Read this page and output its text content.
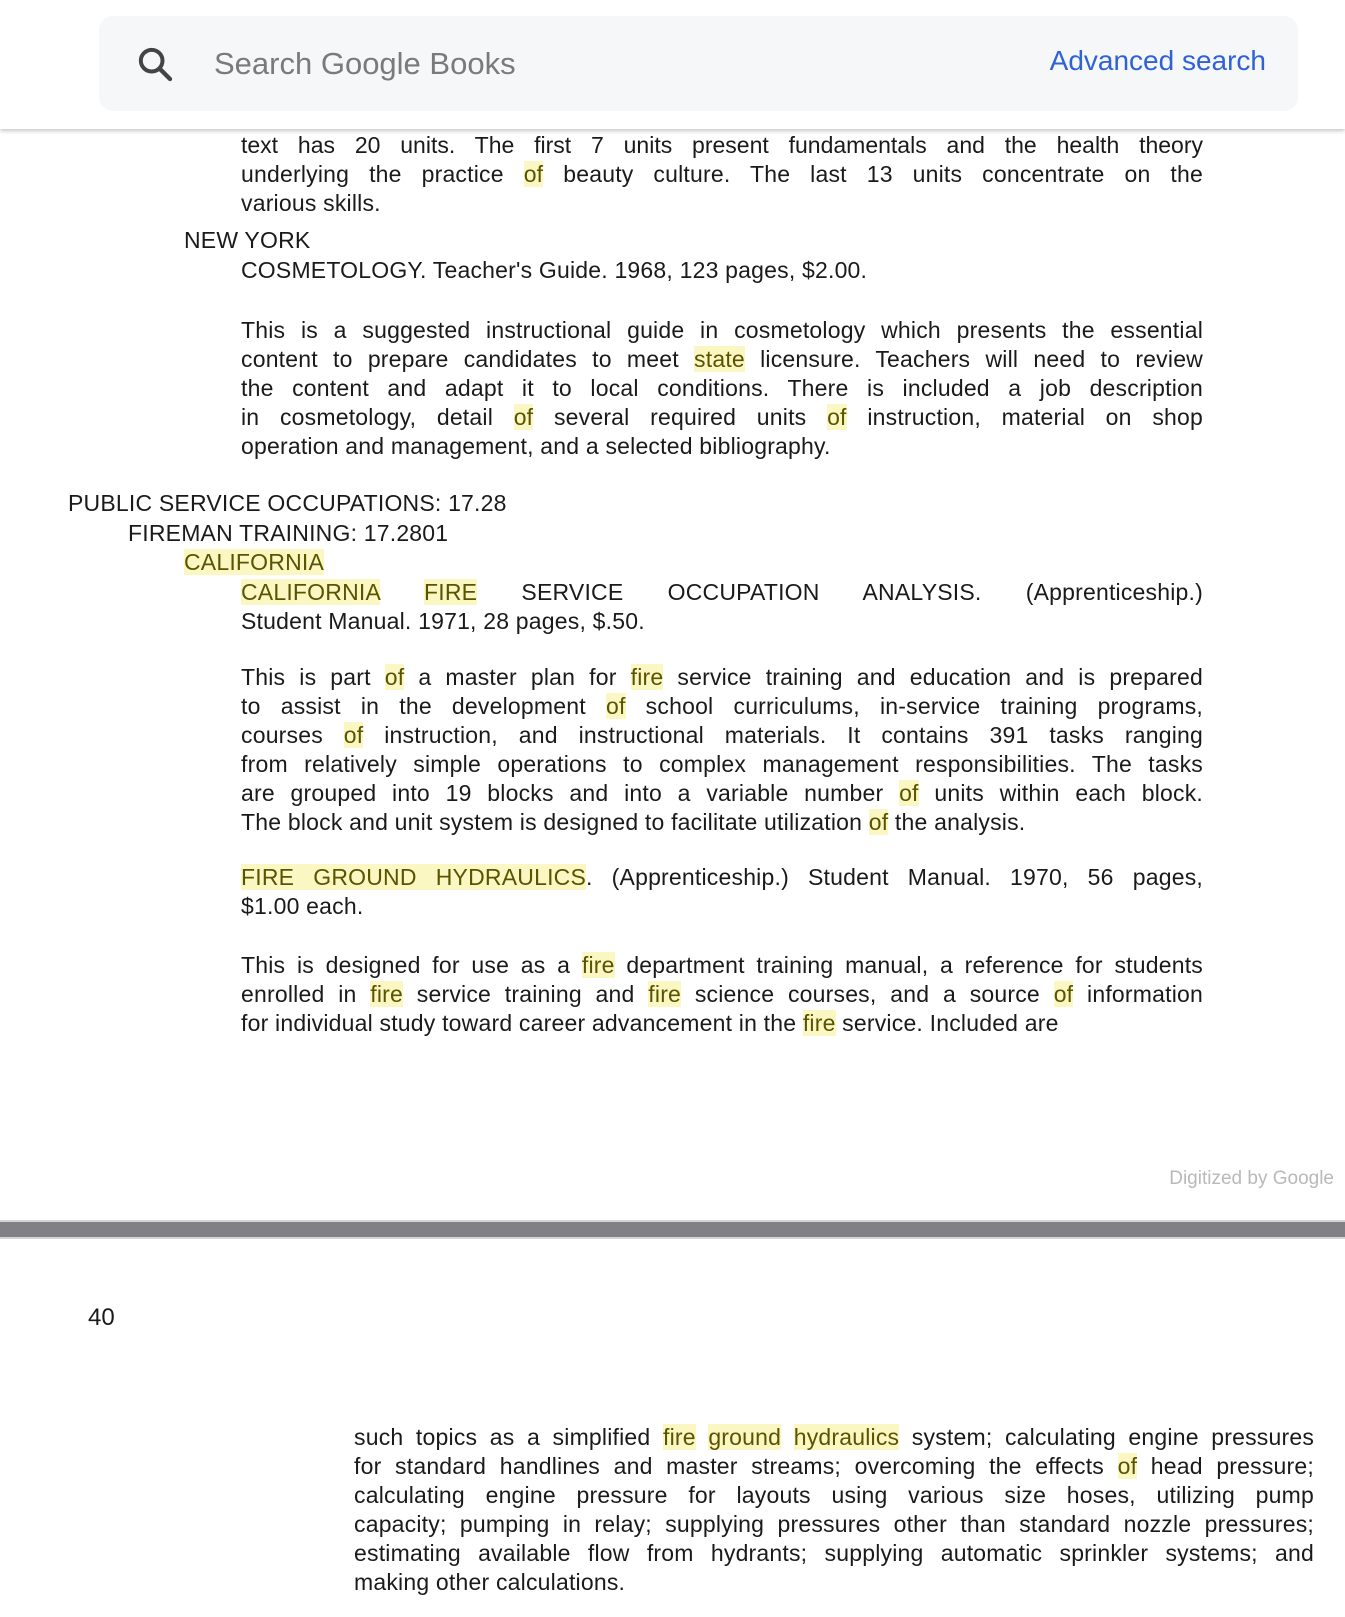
Search Google Books
Advanced search
text has 20 units. The first 7 units present fundamentals and the health theory
underlying the practice of beauty culture. The last 13 units concentrate on the
various skills.
NEW YORK
COSMETOLOGY. Teacher's Guide. 1968, 123 pages, $2.00.
This is a suggested instructional guide in cosmetology which presents the essential
content to prepare candidates to meet state licensure. Teachers will need to review
the content and adapt it to local conditions. There is included a job description
in cosmetology, detail of several required units of instruction, material on shop
operation and management, and a selected bibliography.
PUBLIC SERVICE OCCUPATIONS: 17.28
FIREMAN TRAINING: 17.2801
CALIFORNIA
CALIFORNIA FIRE SERVICE OCCUPATION ANALYSIS. (Apprenticeship.)
Student Manual. 1971, 28 pages, $.50.
This is part of a master plan for fire service training and education and is prepared
to assist in the development of school curriculums, in-service training programs,
courses of instruction, and instructional materials. It contains 391 tasks ranging
from relatively simple operations to complex management responsibilities. The tasks
are grouped into 19 blocks and into a variable number of units within each block.
The block and unit system is designed to facilitate utilization of the analysis.
FIRE GROUND HYDRAULICS. (Apprenticeship.) Student Manual. 1970, 56 pages,
$1.00 each.
This is designed for use as a fire department training manual, a reference for students
enrolled in fire service training and fire science courses, and a source of information
for individual study toward career advancement in the fire service. Included are
Digitized by Google
40
such topics as a simplified fire ground hydraulics system; calculating engine pressures
for standard handlines and master streams; overcoming the effects of head pressure;
calculating engine pressure for layouts using various size hoses, utilizing pump
capacity; pumping in relay; supplying pressures other than standard nozzle pressures;
estimating available flow from hydrants; supplying automatic sprinkler systems; and
making other calculations.
